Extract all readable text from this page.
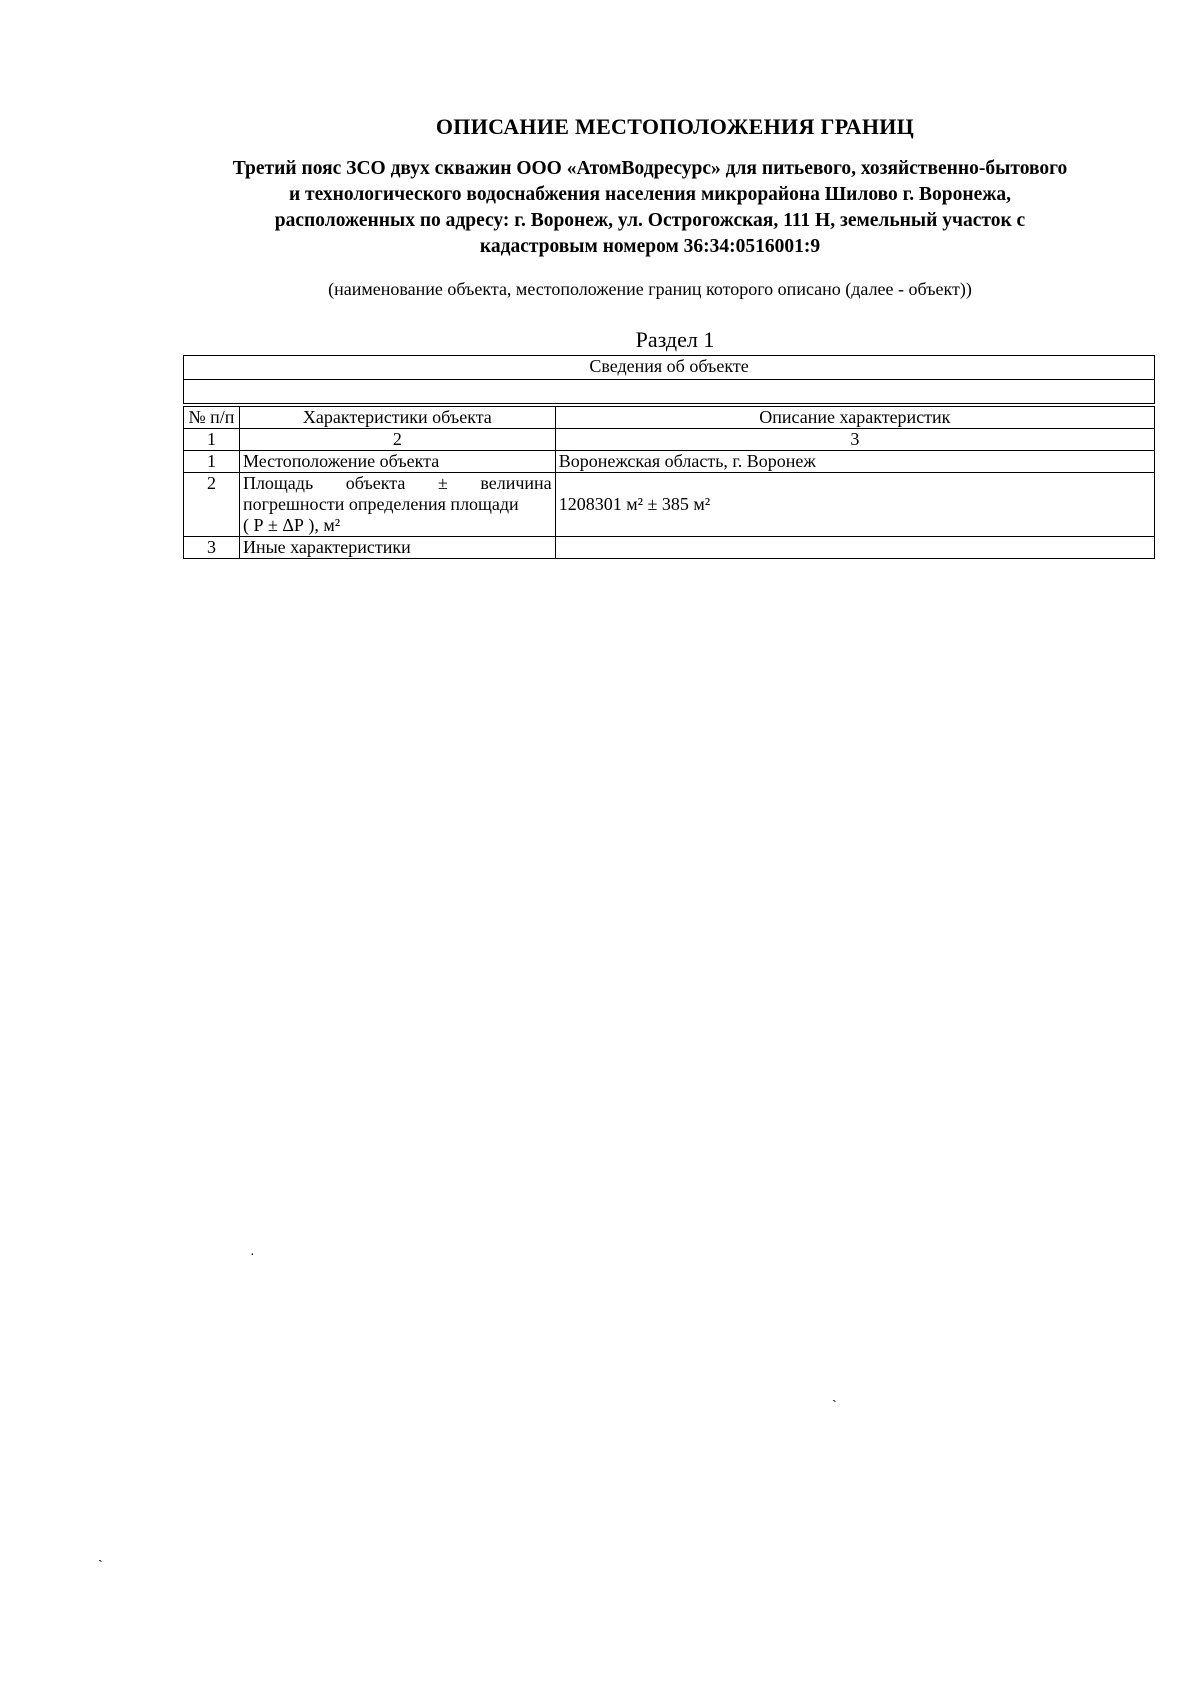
ОПИСАНИЕ МЕСТОПОЛОЖЕНИЯ ГРАНИЦ
Третий пояс ЗСО двух скважин ООО «АтомВодресурс» для питьевого, хозяйственно-бытового
и технологического водоснабжения населения микрорайона Шилово г. Воронежа,
расположенных по адресу: г. Воронеж, ул. Острогожская, 111 Н, земельный участок с
кадастровым номером 36:34:0516001:9
(наименование объекта, местоположение границ которого описано (далее - объект))
Раздел 1
Сведения об объекте		

№ п/п	Характеристики объекта	Описание характеристик
1	2	3
1	Местоположение объекта	Воронежская область, г. Воронеж
2	Площадь объекта ± величина
погрешности определения площади
( Р ± ΔР ), м²	1208301 м² ± 385 м²
3	Иные характеристики	
·
ˏ
ˏ
